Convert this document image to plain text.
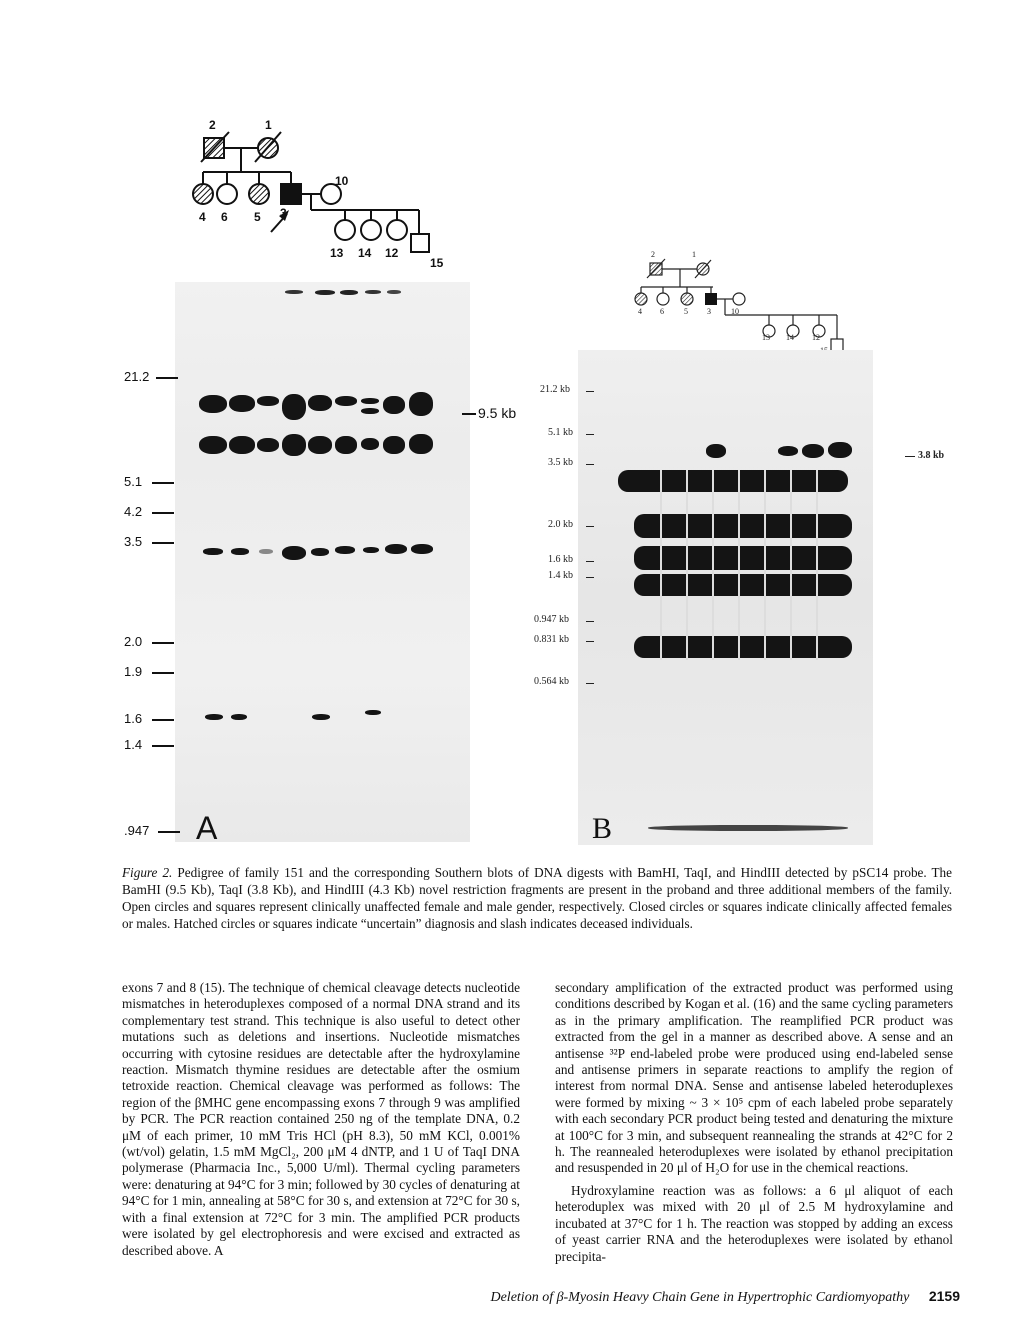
2	1
4 6 5 3
10
13 14 12
15
21.2
5.1
4.2
3.5
2.0
1.9
1.6
1.4
.947
9.5 kb
A
2	1
4 6	5 3	10
13 14 12
21.2 kb
5.1 kb
3.5 kb
2.0 kb
1.6 kb
1.4 kb
0.947 kb
0.831 kb
0.564 kb
3.8 kb
B
Figure 2. Pedigree of family 151 and the corresponding Southern blots of DNA digests with BamHI, TaqI, and HindIII detected by pSC14 probe. The BamHI (9.5 Kb), TaqI (3.8 Kb), and HindIII (4.3 Kb) novel restriction fragments are present in the proband and three additional members of the family. Open circles and squares represent clinically unaffected female and male gender, respectively. Closed circles or squares indicate clinically affected females or males. Hatched circles or squares indicate “uncertain” diagnosis and slash indicates deceased individuals.

exons 7 and 8 (15). The technique of chemical cleavage detects nucleotide mismatches in heteroduplexes composed of a normal DNA strand and its complementary test strand. This technique is also useful to detect other mutations such as deletions and insertions. Nucleotide mismatches occurring with cytosine residues are detectable after the hydroxylamine reaction. Mismatch thymine residues are detectable after the osmium tetroxide reaction. Chemical cleavage was performed as follows: The region of the βMHC gene encompassing exons 7 through 9 was amplified by PCR. The PCR reaction contained 250 ng of the template DNA, 0.2 μM of each primer, 10 mM Tris HCl (pH 8.3), 50 mM KCl, 0.001% (wt/vol) gelatin, 1.5 mM MgCl₂, 200 μM 4 dNTP, and 1 U of TaqI DNA polymerase (Pharmacia Inc., 5,000 U/ml). Thermal cycling parameters were: denaturing at 94°C for 3 min; followed by 30 cycles of denaturing at 94°C for 1 min, annealing at 58°C for 30 s, and extension at 72°C for 30 s, with a final extension at 72°C for 3 min. The amplified PCR products were isolated by gel electrophoresis and were excised and extracted as described above. A

secondary amplification of the extracted product was performed using conditions described by Kogan et al. (16) and the same cycling parameters as in the primary amplification. The reamplified PCR product was extracted from the gel in a manner as described above. A sense and an antisense ³²P end-labeled probe were produced using end-labeled sense and antisense primers in separate reactions to amplify the region of interest from normal DNA. Sense and antisense labeled heteroduplexes were formed by mixing ~ 3 × 10⁵ cpm of each labeled probe separately with each secondary PCR product being tested and denaturing the mixture at 100°C for 3 min, and subsequent reannealing the strands at 42°C for 2 h. The reannealed heteroduplexes were isolated by ethanol precipitation and resuspended in 20 μl of H₂O for use in the chemical reactions.

Hydroxylamine reaction was as follows: a 6 μl aliquot of each heteroduplex was mixed with 20 μl of 2.5 M hydroxylamine and incubated at 37°C for 1 h. The reaction was stopped by adding an excess of yeast carrier RNA and the heteroduplexes were isolated by ethanol precipita-

Deletion of β-Myosin Heavy Chain Gene in Hypertrophic Cardiomyopathy 2159
